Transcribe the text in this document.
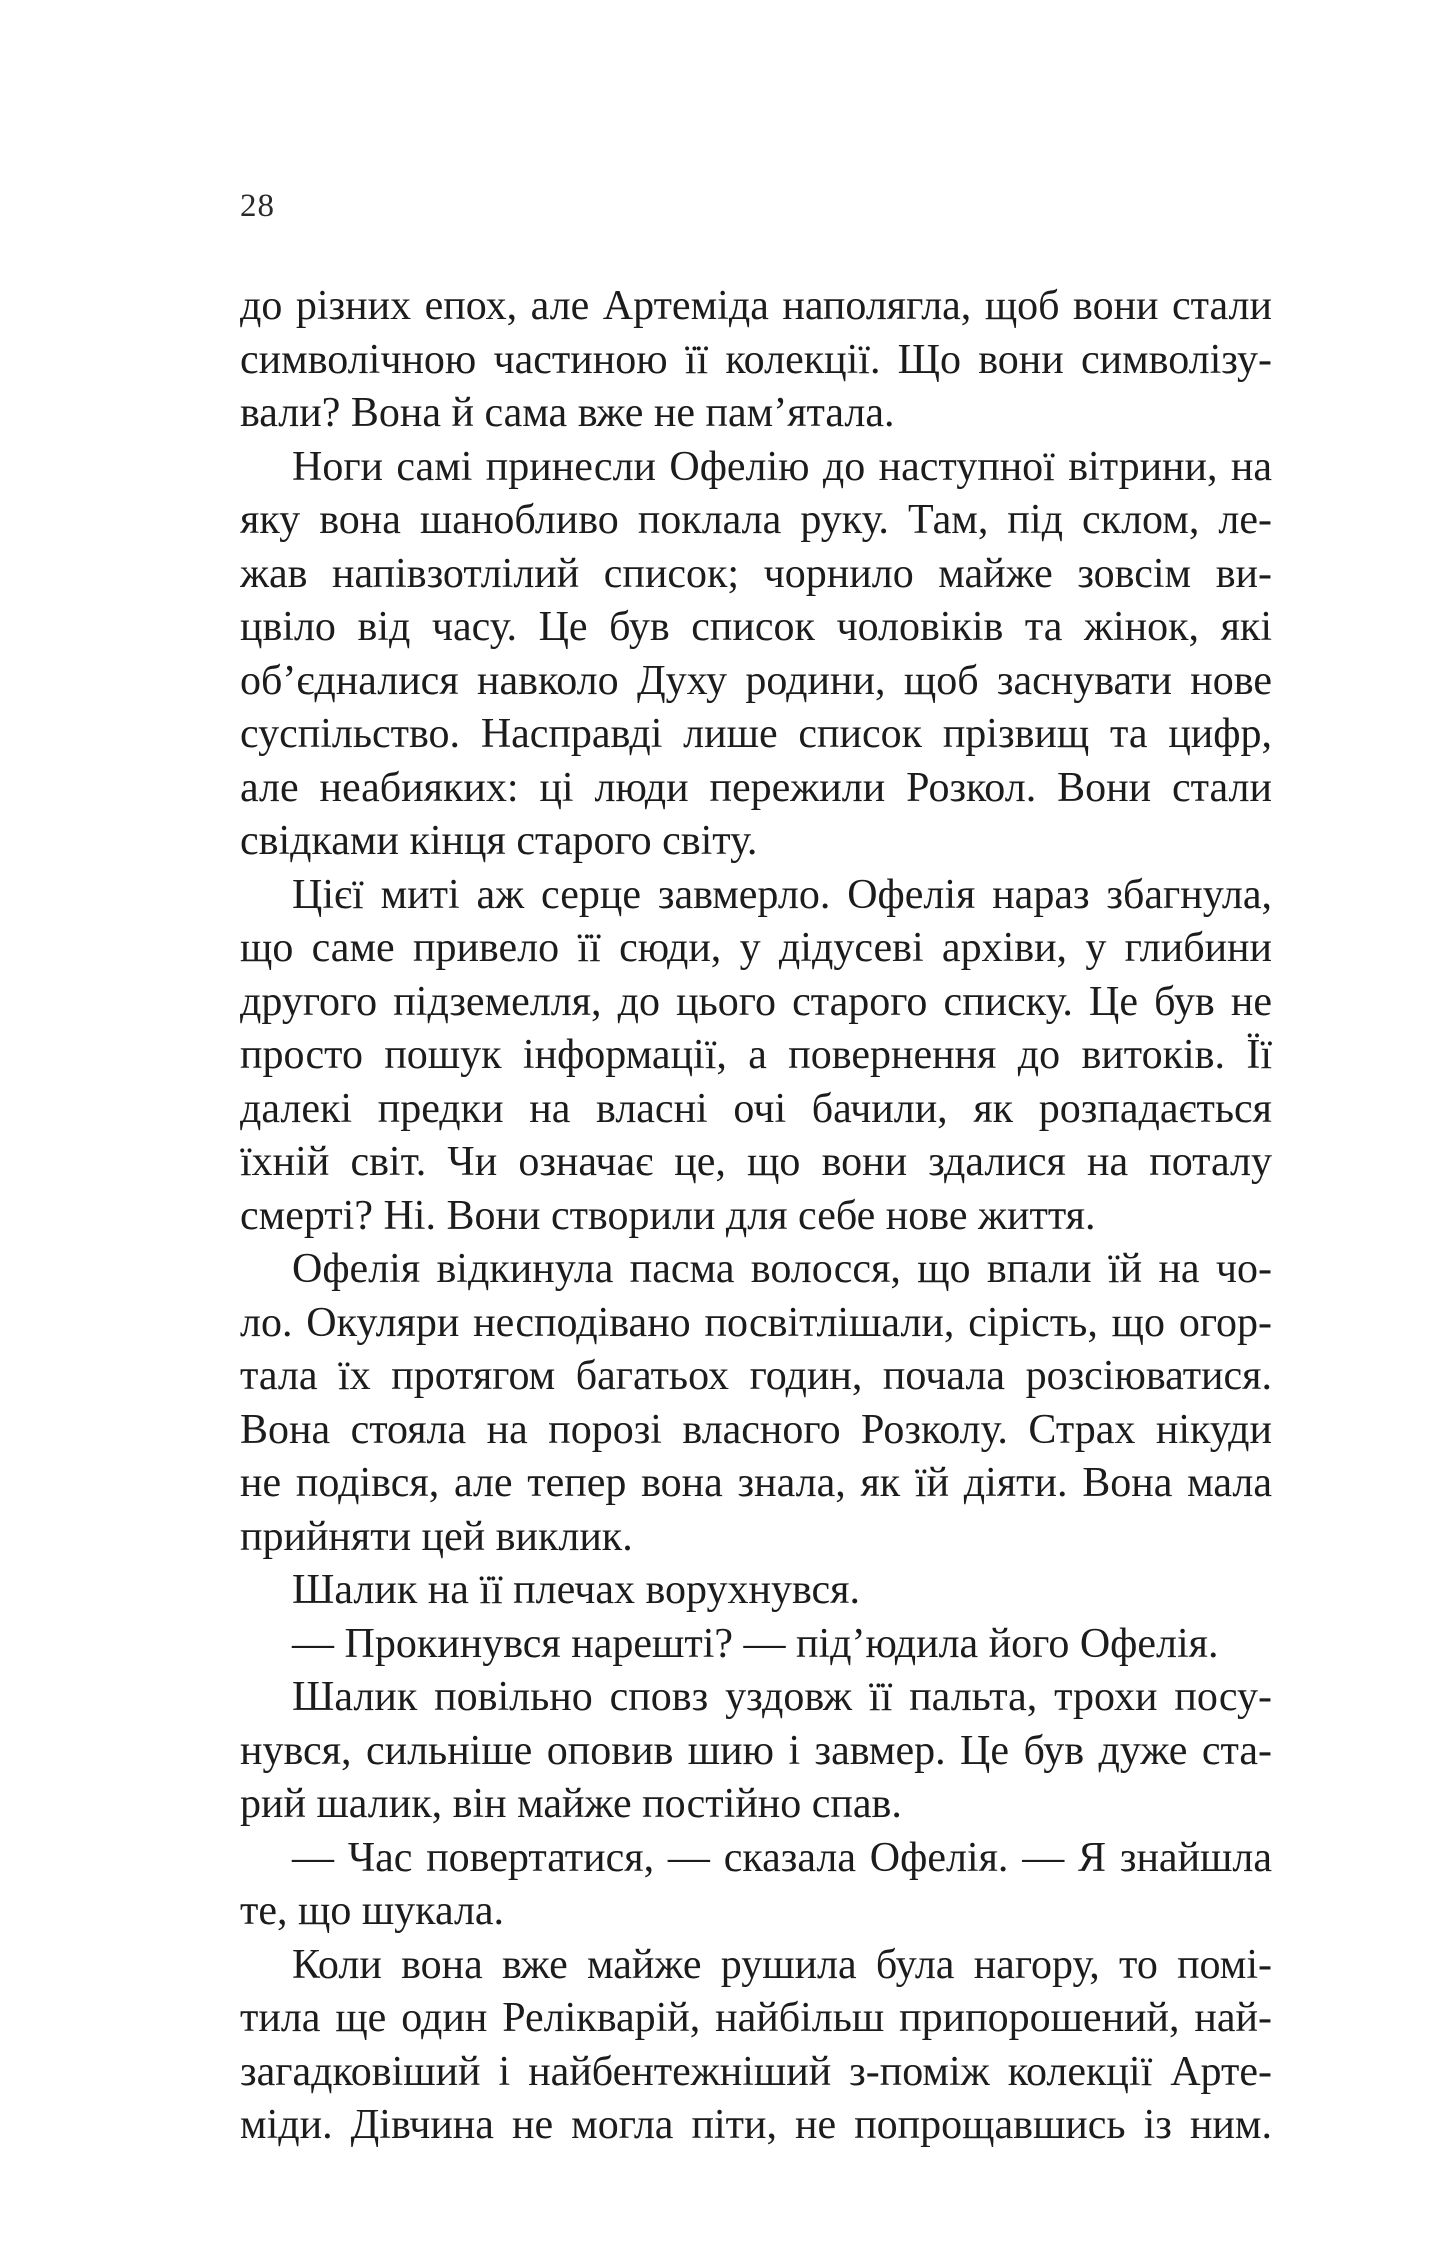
28
до різних епох, але Артеміда наполягла, щоб вони стали
символічною частиною її колекції. Що вони символізу-
вали? Вона й сама вже не пам’ятала.
Ноги самі принесли Офелію до наступної вітрини, на
яку вона шанобливо поклала руку. Там, під склом, ле-
жав напівзотлілий список; чорнило майже зовсім ви-
цвіло від часу. Це був список чоловіків та жінок, які
об’єдналися навколо Духу родини, щоб заснувати нове
суспільство. Насправді лише список прізвищ та цифр,
але неабияких: ці люди пережили Розкол. Вони стали
свідками кінця старого світу.
Цієї миті аж серце завмерло. Офелія нараз збагнула,
що саме привело її сюди, у дідусеві архіви, у глибини
другого підземелля, до цього старого списку. Це був не
просто пошук інформації, а повернення до витоків. Її
далекі предки на власні очі бачили, як розпадається
їхній світ. Чи означає це, що вони здалися на поталу
смерті? Ні. Вони створили для себе нове життя.
Офелія відкинула пасма волосся, що впали їй на чо-
ло. Окуляри несподівано посвітлішали, сірість, що огор-
тала їх протягом багатьох годин, почала розсіюватися.
Вона стояла на порозі власного Розколу. Страх нікуди
не подівся, але тепер вона знала, як їй діяти. Вона мала
прийняти цей виклик.
Шалик на її плечах ворухнувся.
— Прокинувся нарешті? — під’юдила його Офелія.
Шалик повільно сповз уздовж її пальта, трохи посу-
нувся, сильніше оповив шию і завмер. Це був дуже ста-
рий шалик, він майже постійно спав.
— Час повертатися, — сказала Офелія. — Я знайшла
те, що шукала.
Коли вона вже майже рушила була нагору, то помі-
тила ще один Релікварій, найбільш припорошений, най-
загадковіший і найбентежніший з-поміж колекції Арте-
міди. Дівчина не могла піти, не попрощавшись із ним.
